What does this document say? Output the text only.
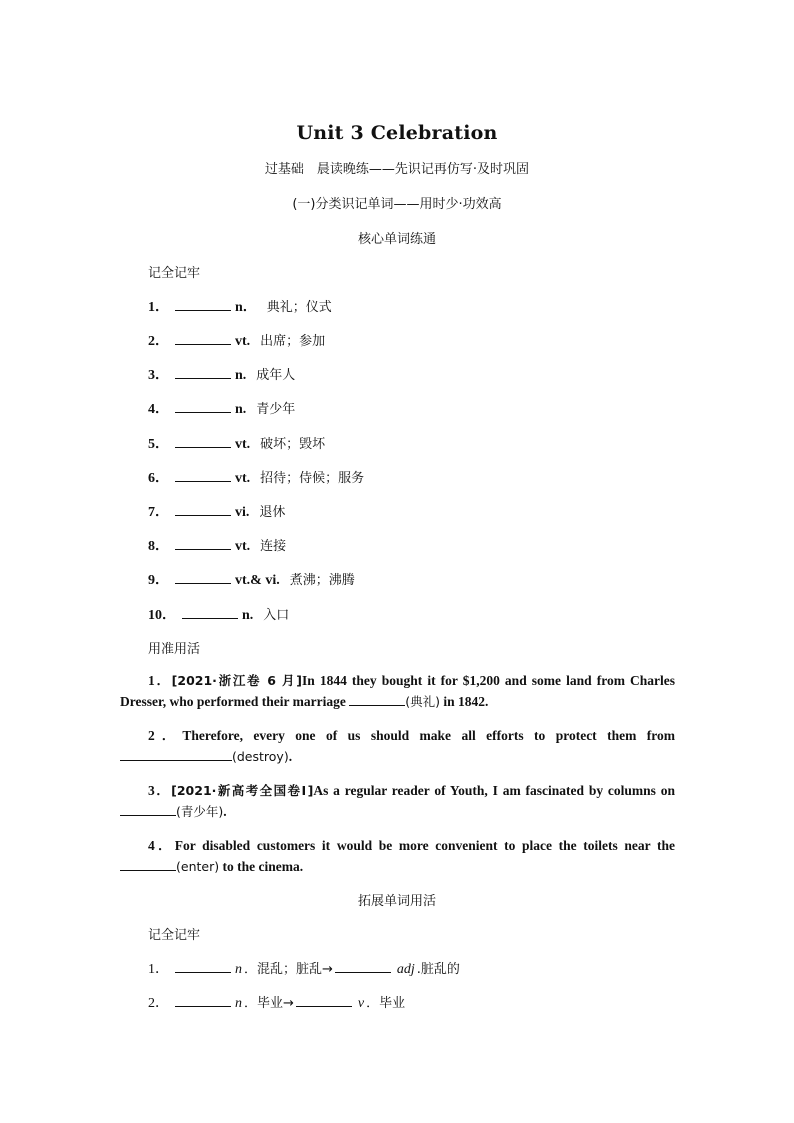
Unit 3 Celebration
过基础　晨读晚练——先识记再仿写·及时巩固
(一)分类识记单词——用时少·功效高
核心单词练通
记全记牢
1．	n． 典礼；仪式
2．	vt. 出席；参加
3．	n. 成年人
4．	n. 青少年
5．	vt. 破坏；毁坏
6．	vt. 招待；侍候；服务
7．	vi. 退休
8．	vt. 连接
9．	vt.& vi. 煮沸；沸腾
10．	n. 入口
用准用活
1．[2021·浙江卷 6 月]In 1844 they bought it for $1,200 and some land from Charles Dresser, who performed their marriage	(典礼) in 1842.
2．Therefore, every one of us should make all efforts to protect them from (destroy).
3．[2021·新高考全国卷Ⅰ]As a regular reader of Youth, I am fascinated by columns on (青少年).
4．For disabled customers it would be more convenient to place the toilets near the (enter) to the cinema.
拓展单词用活
记全记牢
1．	n ．混乱；脏乱→	adj .脏乱的
2．	n ．毕业→	v ．毕业
